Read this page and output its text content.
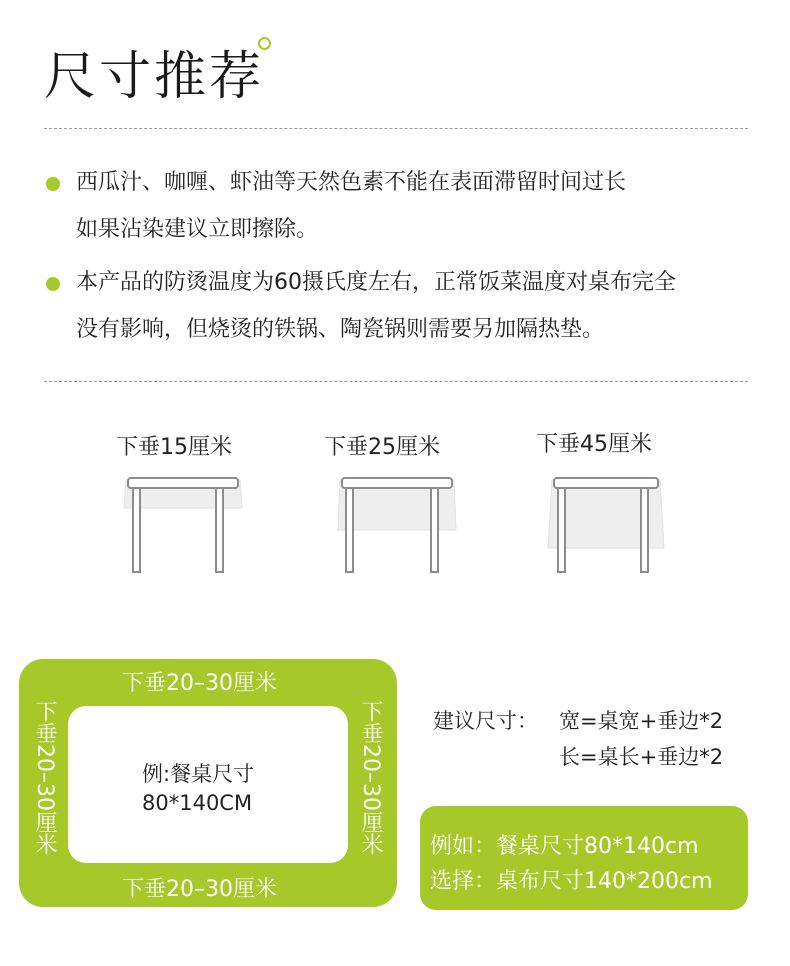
尺寸推荐
西瓜汁、咖喱、虾油等天然色素不能在表面滞留时间过长
如果沾染建议立即擦除。
本产品的防烫温度为60摄氏度左右，正常饭菜温度对桌布完全
没有影响，但烧烫的铁锅、陶瓷锅则需要另加隔热垫。
下垂15厘米	下垂25厘米	下垂45厘米
下垂20–30厘米
下垂20–30厘米
下垂20–30厘米	下垂20–30厘米
例:餐桌尺寸
80*140CM
建议尺寸： 宽=桌宽+垂边*2
长=桌长+垂边*2
例如：餐桌尺寸80*140cm
选择：桌布尺寸140*200cm
